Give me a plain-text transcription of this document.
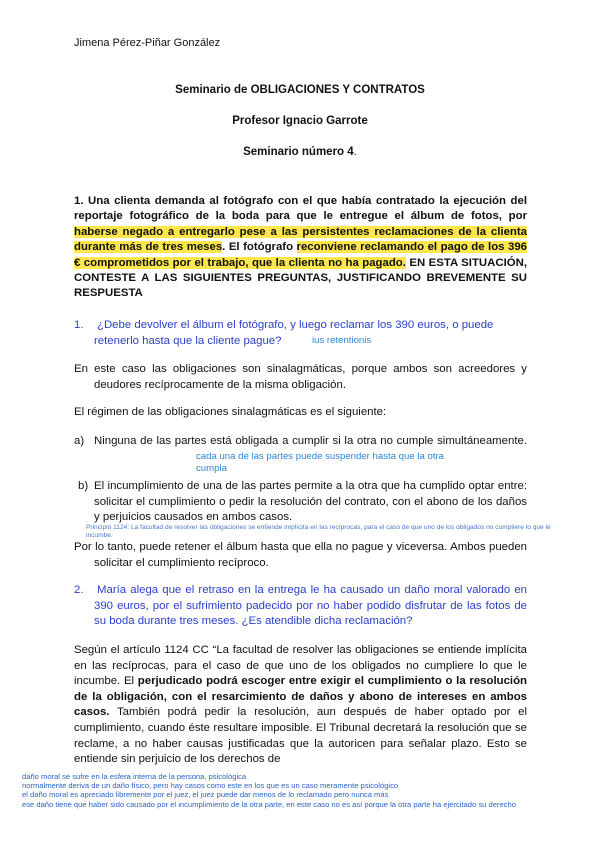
Jimena Pérez-Piñar González
Seminario de OBLIGACIONES Y CONTRATOS
Profesor Ignacio Garrote
Seminario número 4.
1. Una clienta demanda al fotógrafo con el que había contratado la ejecución del reportaje fotográfico de la boda para que le entregue el álbum de fotos, por haberse negado a entregarlo pese a las persistentes reclamaciones de la clienta durante más de tres meses. El fotógrafo reconviene reclamando el pago de los 396 € comprometidos por el trabajo, que la clienta no ha pagado. EN ESTA SITUACIÓN, CONTESTE A LAS SIGUIENTES PREGUNTAS, JUSTIFICANDO BREVEMENTE SU RESPUESTA
1. ¿Debe devolver el álbum el fotógrafo, y luego reclamar los 390 euros, o puede retenerlo hasta que la cliente pague?	ius retentionis
En este caso las obligaciones son sinalagmáticas, porque ambos son acreedores y deudores recíprocamente de la misma obligación.
El régimen de las obligaciones sinalagmáticas es el siguiente:
a) Ninguna de las partes está obligada a cumplir si la otra no cumple simultáneamente.
cada una de las partes puede suspender hasta que la otra cumpla
b) El incumplimiento de una de las partes permite a la otra que ha cumplido optar entre: solicitar el cumplimiento o pedir la resolución del contrato, con el abono de los daños y perjuicios causados en ambos casos.
Principio 1124: La facultad de resolver las obligaciones se entiende implícita en las recíprocas, para el caso de que uno de los obligados no cumpliere lo que le incumbe.
Por lo tanto, puede retener el álbum hasta que ella no pague y viceversa. Ambos pueden solicitar el cumplimiento recíproco.
2.	María alega que el retraso en la entrega le ha causado un daño moral valorado en 390 euros, por el sufrimiento padecido por no haber podido disfrutar de las fotos de su boda durante tres meses. ¿Es atendible dicha reclamación?
Según el artículo 1124 CC “La facultad de resolver las obligaciones se entiende implícita en las recíprocas, para el caso de que uno de los obligados no cumpliere lo que le incumbe. El perjudicado podrá escoger entre exigir el cumplimiento o la resolución de la obligación, con el resarcimiento de daños y abono de intereses en ambos casos. También podrá pedir la resolución, aun después de haber optado por el cumplimiento, cuando éste resultare imposible. El Tribunal decretará la resolución que se reclame, a no haber causas justificadas que la autoricen para señalar plazo. Esto se entiende sin perjuicio de los derechos de
daño moral se sufre en la esfera interna de la persona, psicológica
normalmente deriva de un daño físico, pero hay casos como este en los que es un caso meramente psicológico
el daño moral es apreciado libremente por el juez, el juez puede dar menos de lo reclamado pero nunca más
ese daño tiene que haber sido causado por el incumplimiento de la otra parte, en este caso no es así porque la otra parte ha ejercitado su derecho
